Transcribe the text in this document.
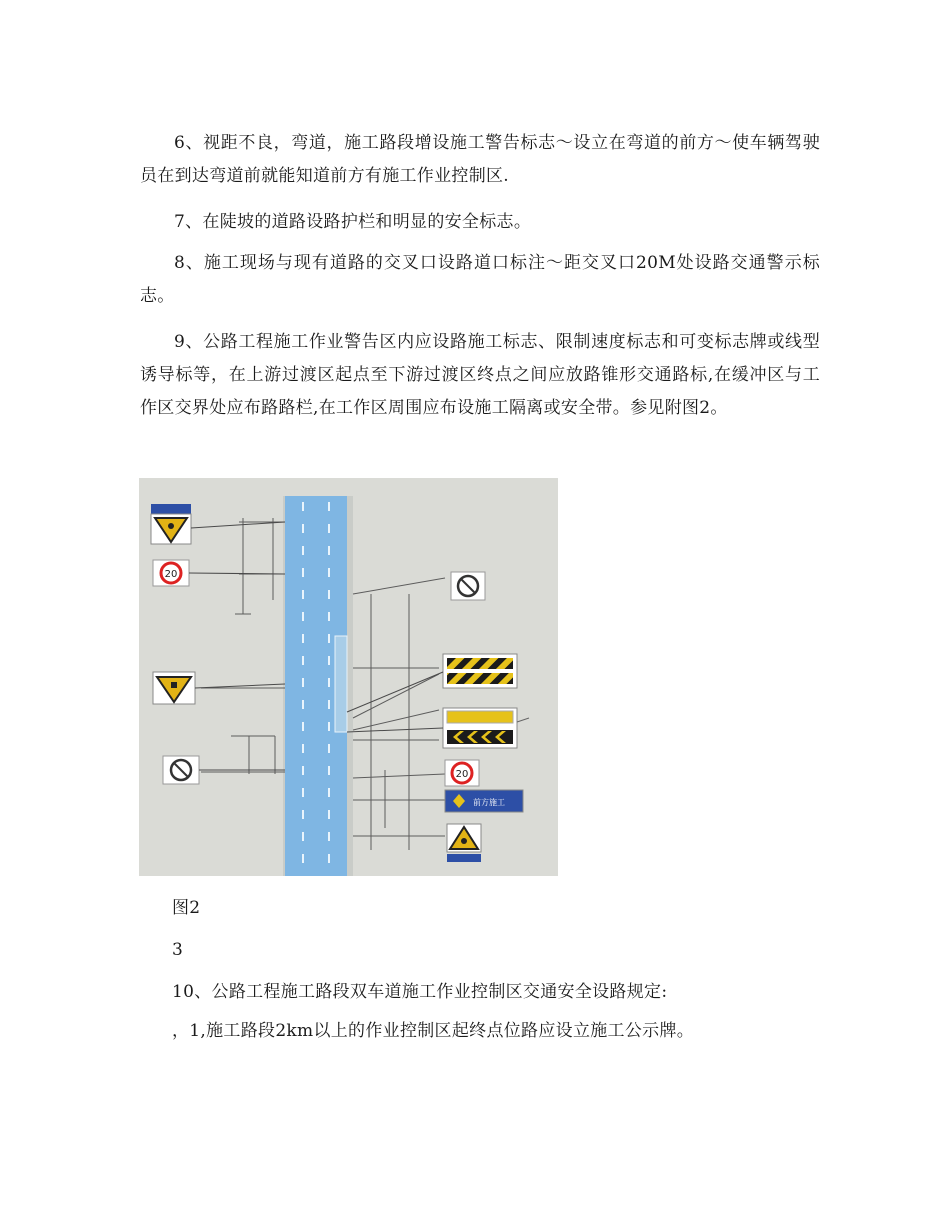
6、视距不良，弯道，施工路段增设施工警告标志～设立在弯道的前方～使车辆驾驶员在到达弯道前就能知道前方有施工作业控制区.

7、在陡坡的道路设路护栏和明显的安全标志。

8、施工现场与现有道路的交叉口设路道口标注～距交叉口20M处设路交通警示标志。

9、公路工程施工作业警告区内应设路施工标志、限制速度标志和可变标志牌或线型诱导标等，在上游过渡区起点至下游过渡区终点之间应放路锥形交通路标,在缓冲区与工作区交界处应布路路栏,在工作区周围应布设施工隔离或安全带。参见附图2。

20
20
前方施工

图2

3

10、公路工程施工路段双车道施工作业控制区交通安全设路规定:

，1,施工路段2km以上的作业控制区起终点位路应设立施工公示牌。
